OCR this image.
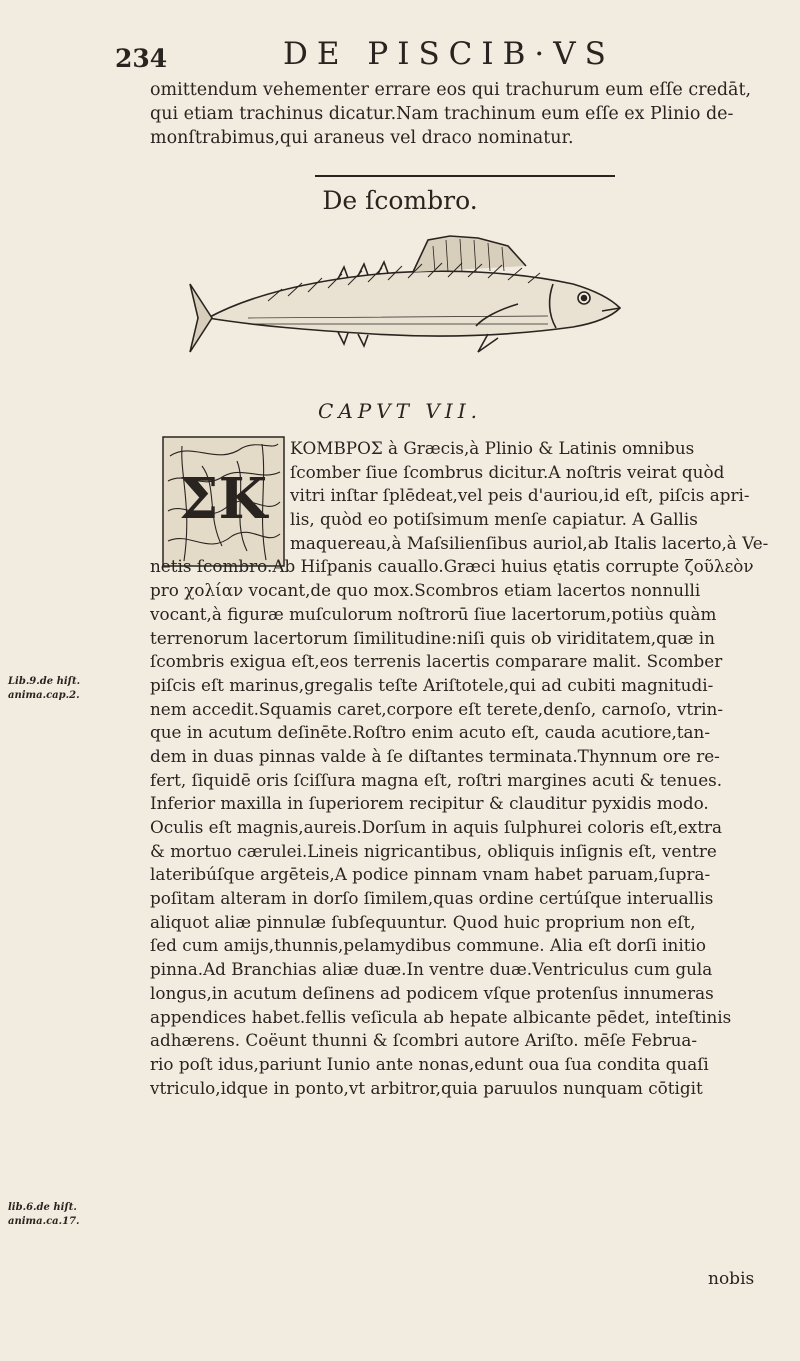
234	DE PISCIB·VS
omittendum vehementer errare eos qui trachurum eum eſſe credāt,
qui etiam trachinus dicatur.Nam trachinum eum eſſe ex Plinio de-
monſtrabimus,qui araneus vel draco nominatur.
De ſcombro.
CAPVT VII.
ΣΚ
ΚΟΜΒΡΟΣ à Græcis,à Plinio & Latinis omnibus
ſcomber ſiue ſcombrus dicitur.A noſtris veirat quòd
vitri inſtar ſplēdeat,vel peis d'auriou,id eſt, piſcis apri-
lis, quòd eo potiſsimum menſe capiatur. A Gallis
maquereau,à Maſsilienſibus auriol,ab Italis lacerto,à Ve-
netis ſcombro.Ab Hiſpanis cauallo.Græci huius ętatis corrupte ζοῦλεὸν
pro χολίαν vocant,de quo mox.Scombros etiam lacertos nonnulli
vocant,à figuræ muſculorum noſtrorū ſiue lacertorum,potiùs quàm
terrenorum lacertorum ſimilitudine:niſi quis ob viriditatem,quæ in
ſcombris exigua eſt,eos terrenis lacertis comparare malit. Scomber
piſcis eſt marinus,gregalis teſte Ariſtotele,qui ad cubiti magnitudi-
nem accedit.Squamis caret,corpore eſt terete,denſo, carnoſo, vtrin-
que in acutum deſinēte.Roſtro enim acuto eſt, cauda acutiore,tan-
dem in duas pinnas valde à ſe diſtantes terminata.Thynnum ore re-
fert, ſiquidē oris ſciſſura magna eſt, roſtri margines acuti & tenues.
Inferior maxilla in ſuperiorem recipitur & clauditur pyxidis modo.
Oculis eſt magnis,aureis.Dorſum in aquis ſulphurei coloris eſt,extra
& mortuo cærulei.Lineis nigricantibus, obliquis inſignis eſt, ventre
lateribúſque argēteis,A podice pinnam vnam habet paruam,ſupra-
poſitam alteram in dorſo ſimilem,quas ordine certúſque interuallis
aliquot aliæ pinnulæ ſubſequuntur. Quod huic proprium non eſt,
ſed cum amijs,thunnis,pelamydibus commune. Alia eſt dorſi initio
pinna.Ad Branchias aliæ duæ.In ventre duæ.Ventriculus cum gula
longus,in acutum deſinens ad podicem vſque protenſus innumeras
appendices habet.fellis veſicula ab hepate albicante pēdet, inteſtinis
adhærens. Coëunt thunni & ſcombri autore Ariſto. mēſe Februa-
rio poſt idus,pariunt Iunio ante nonas,edunt oua ſua condita quaſi
vtriculo,idque in ponto,vt arbitror,quia paruulos nunquam cōtigit
Lib.9.de hiſt.
anima.cap.2.
lib.6.de hiſt.
anima.ca.17.
nobis
